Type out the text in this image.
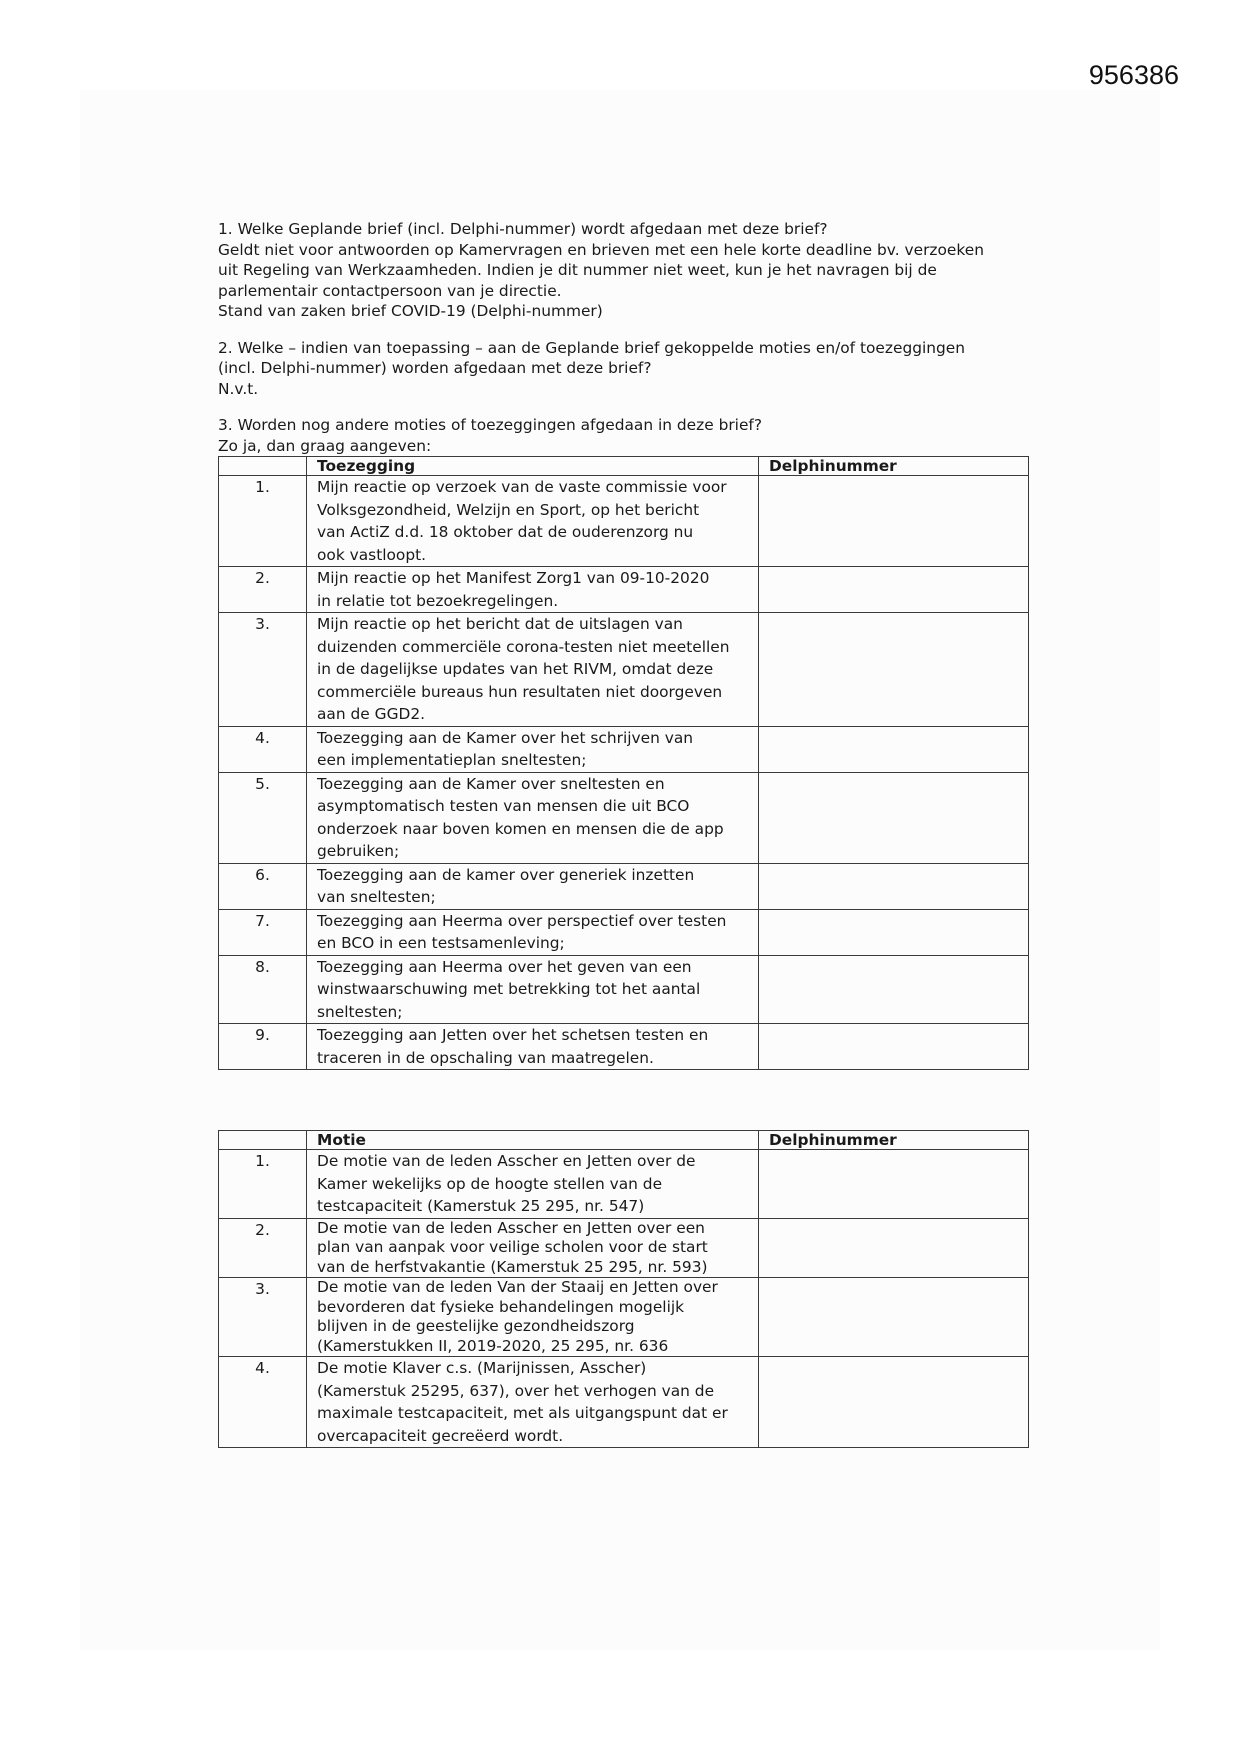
956386
1. Welke Geplande brief (incl. Delphi-nummer) wordt afgedaan met deze brief?
Geldt niet voor antwoorden op Kamervragen en brieven met een hele korte deadline bv. verzoeken
uit Regeling van Werkzaamheden. Indien je dit nummer niet weet, kun je het navragen bij de
parlementair contactpersoon van je directie.
Stand van zaken brief COVID-19 (Delphi-nummer)
2. Welke – indien van toepassing – aan de Geplande brief gekoppelde moties en/of toezeggingen
(incl. Delphi-nummer) worden afgedaan met deze brief?
N.v.t.
3. Worden nog andere moties of toezeggingen afgedaan in deze brief?
Zo ja, dan graag aangeven:
	Toezegging	Delphinummer
1.	Mijn reactie op verzoek van de vaste commissie voor
Volksgezondheid, Welzijn en Sport, op het bericht
van ActiZ d.d. 18 oktober dat de ouderenzorg nu
ook vastloopt.	

2.	Mijn reactie op het Manifest Zorg1 van 09-10-2020
in relatie tot bezoekregelingen.	

3.	Mijn reactie op het bericht dat de uitslagen van
duizenden commerciële corona-testen niet meetellen
in de dagelijkse updates van het RIVM, omdat deze
commerciële bureaus hun resultaten niet doorgeven
aan de GGD2.	

4.	Toezegging aan de Kamer over het schrijven van
een implementatieplan sneltesten;	

5.	Toezegging aan de Kamer over sneltesten en
asymptomatisch testen van mensen die uit BCO
onderzoek naar boven komen en mensen die de app
gebruiken;	

6.	Toezegging aan de kamer over generiek inzetten
van sneltesten;	

7.	Toezegging aan Heerma over perspectief over testen
en BCO in een testsamenleving;	

8.	Toezegging aan Heerma over het geven van een
winstwaarschuwing met betrekking tot het aantal
sneltesten;	

9.	Toezegging aan Jetten over het schetsen testen en
traceren in de opschaling van maatregelen.	

	Motie	Delphinummer
1.	De motie van de leden Asscher en Jetten over de
Kamer wekelijks op de hoogte stellen van de
testcapaciteit (Kamerstuk 25 295, nr. 547)	

2.	De motie van de leden Asscher en Jetten over een
plan van aanpak voor veilige scholen voor de start
van de herfstvakantie (Kamerstuk 25 295, nr. 593)	

3.	De motie van de leden Van der Staaij en Jetten over
bevorderen dat fysieke behandelingen mogelijk
blijven in de geestelijke gezondheidszorg
(Kamerstukken II, 2019-2020, 25 295, nr. 636	

4.	De motie Klaver c.s. (Marijnissen, Asscher)
(Kamerstuk 25295, 637), over het verhogen van de
maximale testcapaciteit, met als uitgangspunt dat er
overcapaciteit gecreëerd wordt.	
